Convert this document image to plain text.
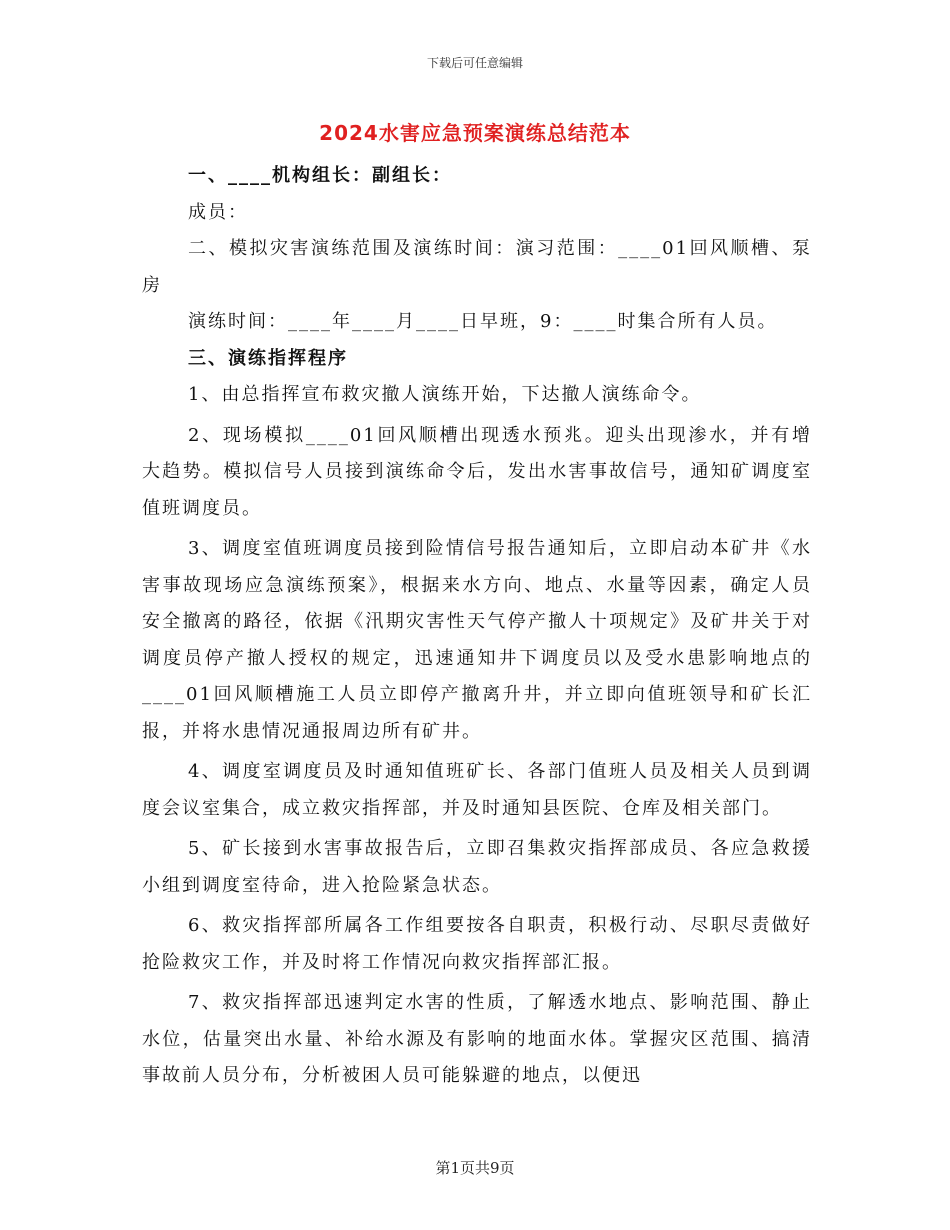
下载后可任意编辑
2024水害应急预案演练总结范本

一、____机构组长：副组长：

成员：

二、模拟灾害演练范围及演练时间：演习范围：____01回风顺槽、泵房

演练时间：____年____月____日早班，9：____时集合所有人员。

三、演练指挥程序

1、由总指挥宣布救灾撤人演练开始，下达撤人演练命令。

2、现场模拟____01回风顺槽出现透水预兆。迎头出现渗水，并有增大趋势。模拟信号人员接到演练命令后，发出水害事故信号，通知矿调度室值班调度员。

3、调度室值班调度员接到险情信号报告通知后，立即启动本矿井《水害事故现场应急演练预案》，根据来水方向、地点、水量等因素，确定人员安全撤离的路径，依据《汛期灾害性天气停产撤人十项规定》及矿井关于对调度员停产撤人授权的规定，迅速通知井下调度员以及受水患影响地点的____01回风顺槽施工人员立即停产撤离升井，并立即向值班领导和矿长汇报，并将水患情况通报周边所有矿井。

4、调度室调度员及时通知值班矿长、各部门值班人员及相关人员到调度会议室集合，成立救灾指挥部，并及时通知县医院、仓库及相关部门。

5、矿长接到水害事故报告后，立即召集救灾指挥部成员、各应急救援小组到调度室待命，进入抢险紧急状态。

6、救灾指挥部所属各工作组要按各自职责，积极行动、尽职尽责做好抢险救灾工作，并及时将工作情况向救灾指挥部汇报。

7、救灾指挥部迅速判定水害的性质，了解透水地点、影响范围、静止水位，估量突出水量、补给水源及有影响的地面水体。掌握灾区范围、搞清事故前人员分布，分析被困人员可能躲避的地点，以便迅

第1页共9页
